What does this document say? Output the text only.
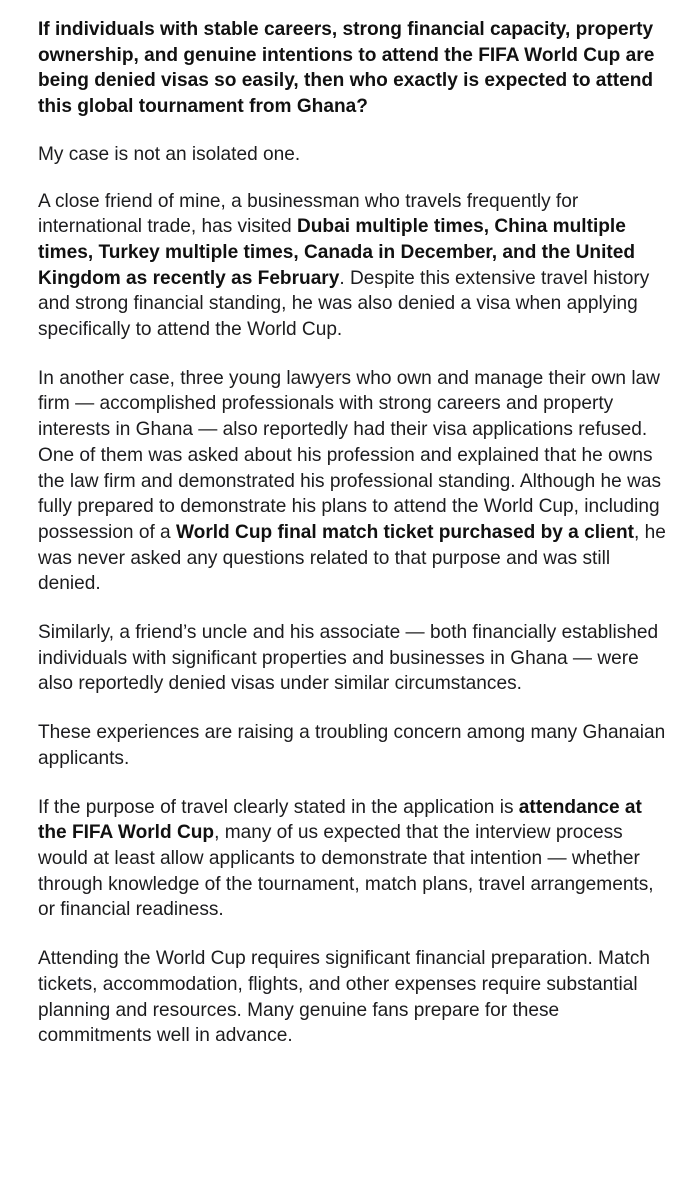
If individuals with stable careers, strong financial capacity, property ownership, and genuine intentions to attend the FIFA World Cup are being denied visas so easily, then who exactly is expected to attend this global tournament from Ghana?

My case is not an isolated one.

A close friend of mine, a businessman who travels frequently for international trade, has visited Dubai multiple times, China multiple times, Turkey multiple times, Canada in December, and the United Kingdom as recently as February. Despite this extensive travel history and strong financial standing, he was also denied a visa when applying specifically to attend the World Cup.

In another case, three young lawyers who own and manage their own law firm — accomplished professionals with strong careers and property interests in Ghana — also reportedly had their visa applications refused. One of them was asked about his profession and explained that he owns the law firm and demonstrated his professional standing. Although he was fully prepared to demonstrate his plans to attend the World Cup, including possession of a World Cup final match ticket purchased by a client, he was never asked any questions related to that purpose and was still denied.

Similarly, a friend’s uncle and his associate — both financially established individuals with significant properties and businesses in Ghana — were also reportedly denied visas under similar circumstances.

These experiences are raising a troubling concern among many Ghanaian applicants.

If the purpose of travel clearly stated in the application is attendance at the FIFA World Cup, many of us expected that the interview process would at least allow applicants to demonstrate that intention — whether through knowledge of the tournament, match plans, travel arrangements, or financial readiness.

Attending the World Cup requires significant financial preparation. Match tickets, accommodation, flights, and other expenses require substantial planning and resources. Many genuine fans prepare for these commitments well in advance.
